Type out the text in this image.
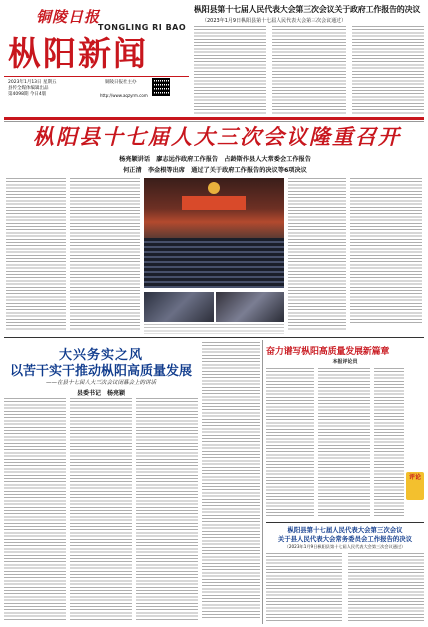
铜陵日报
TONGLING RI BAO
枞阳新闻
2023年1月13日 星期五
县传全媒体编辑出品
第4098期 今日4版
铜陵日报社主办
http://www.aqzyrm.com
枞阳县第十七届人民代表大会第三次会议关于政府工作报告的决议
（2023年1月9日枞阳县第十七届人民代表大会第三次会议通过）
枞阳县十七届人大三次会议隆重召开
杨亮颖讲话　廖志远作政府工作报告　占龄斯作县人大常委会工作报告
何正清　李金根等出席　通过了关于政府工作报告的决议等6项决议
大兴务实之风
以苦干实干推动枞阳高质量发展
——在县十七届人大三次会议闭幕会上的讲话
县委书记　杨亮颖
奋力谱写枞阳高质量发展新篇章
本报评论员
评论
枞阳县第十七届人民代表大会第三次会议
关于县人民代表大会常务委员会工作报告的决议
（2023年1月9日枞阳县第十七届人民代表大会第三次会议通过）
